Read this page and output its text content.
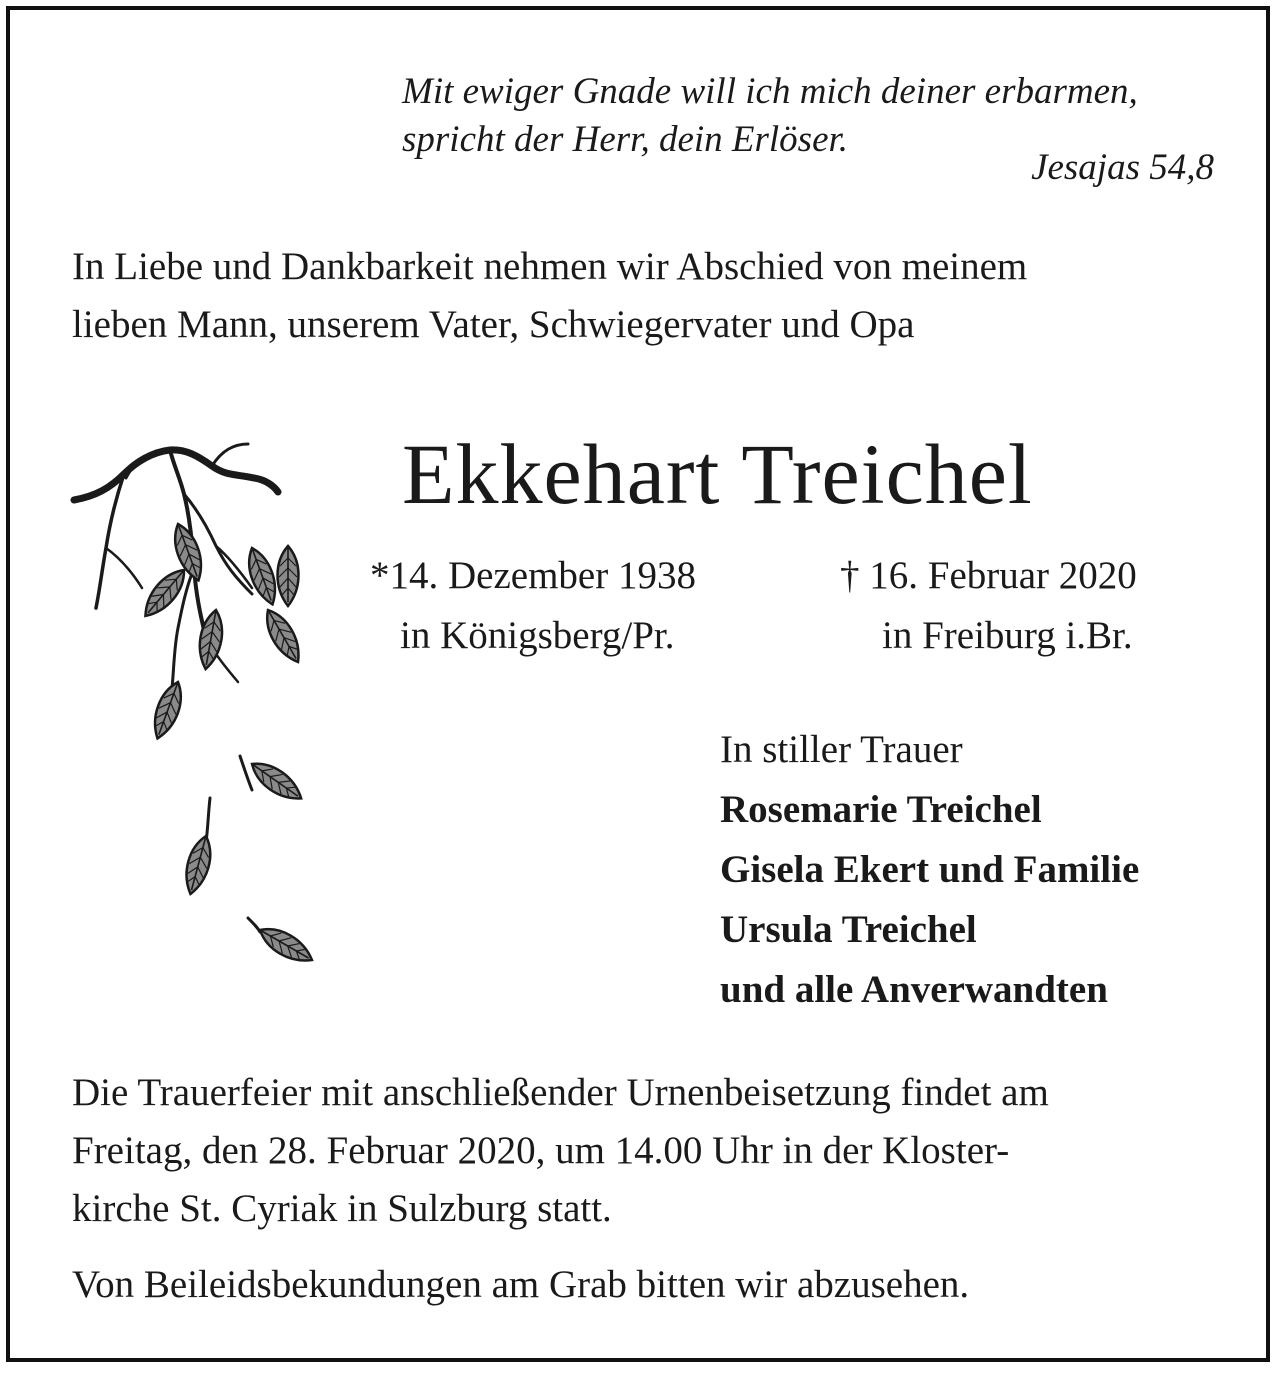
Mit ewiger Gnade will ich mich deiner erbarmen,
spricht der Herr, dein Erlöser.
Jesajas 54,8
In Liebe und Dankbarkeit nehmen wir Abschied von meinem
lieben Mann, unserem Vater, Schwiegervater und Opa
Ekkehart Treichel
*14. Dezember 1938
in Königsberg/Pr.
† 16. Februar 2020
in Freiburg i.Br.
In stiller Trauer
Rosemarie Treichel
Gisela Ekert und Familie
Ursula Treichel
und alle Anverwandten
Die Trauerfeier mit anschließender Urnenbeisetzung findet am
Freitag, den 28. Februar 2020, um 14.00 Uhr in der Kloster-
kirche St. Cyriak in Sulzburg statt.
Von Beileidsbekundungen am Grab bitten wir abzusehen.
